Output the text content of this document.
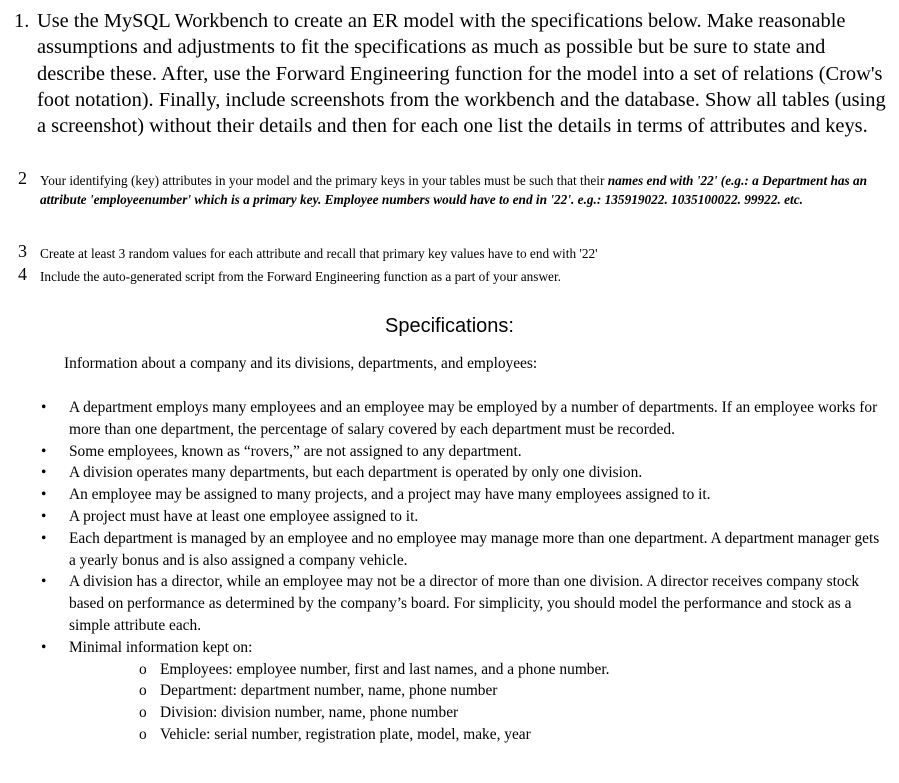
1. Use the MySQL Workbench to create an ER model with the specifications below. Make reasonable assumptions and adjustments to fit the specifications as much as possible but be sure to state and describe these. After, use the Forward Engineering function for the model into a set of relations (Crow's foot notation). Finally, include screenshots from the workbench and the database. Show all tables (using a screenshot) without their details and then for each one list the details in terms of attributes and keys.
2 Your identifying (key) attributes in your model and the primary keys in your tables must be such that their names end with '22' (e.g.: a Department has an attribute 'employeenumber' which is a primary key. Employee numbers would have to end in '22'. e.g.: 135919022. 1035100022. 99922. etc.
3 Create at least 3 random values for each attribute and recall that primary key values have to end with '22'
4 Include the auto-generated script from the Forward Engineering function as a part of your answer.
Specifications:
Information about a company and its divisions, departments, and employees:
• A department employs many employees and an employee may be employed by a number of departments. If an employee works for more than one department, the percentage of salary covered by each department must be recorded.
• Some employees, known as “rovers,” are not assigned to any department.
• A division operates many departments, but each department is operated by only one division.
• An employee may be assigned to many projects, and a project may have many employees assigned to it.
• A project must have at least one employee assigned to it.
• Each department is managed by an employee and no employee may manage more than one department. A department manager gets a yearly bonus and is also assigned a company vehicle.
• A division has a director, while an employee may not be a director of more than one division. A director receives company stock based on performance as determined by the company’s board. For simplicity, you should model the performance and stock as a simple attribute each.
• Minimal information kept on:
o Employees: employee number, first and last names, and a phone number.
o Department: department number, name, phone number
o Division: division number, name, phone number
o Vehicle: serial number, registration plate, model, make, year
